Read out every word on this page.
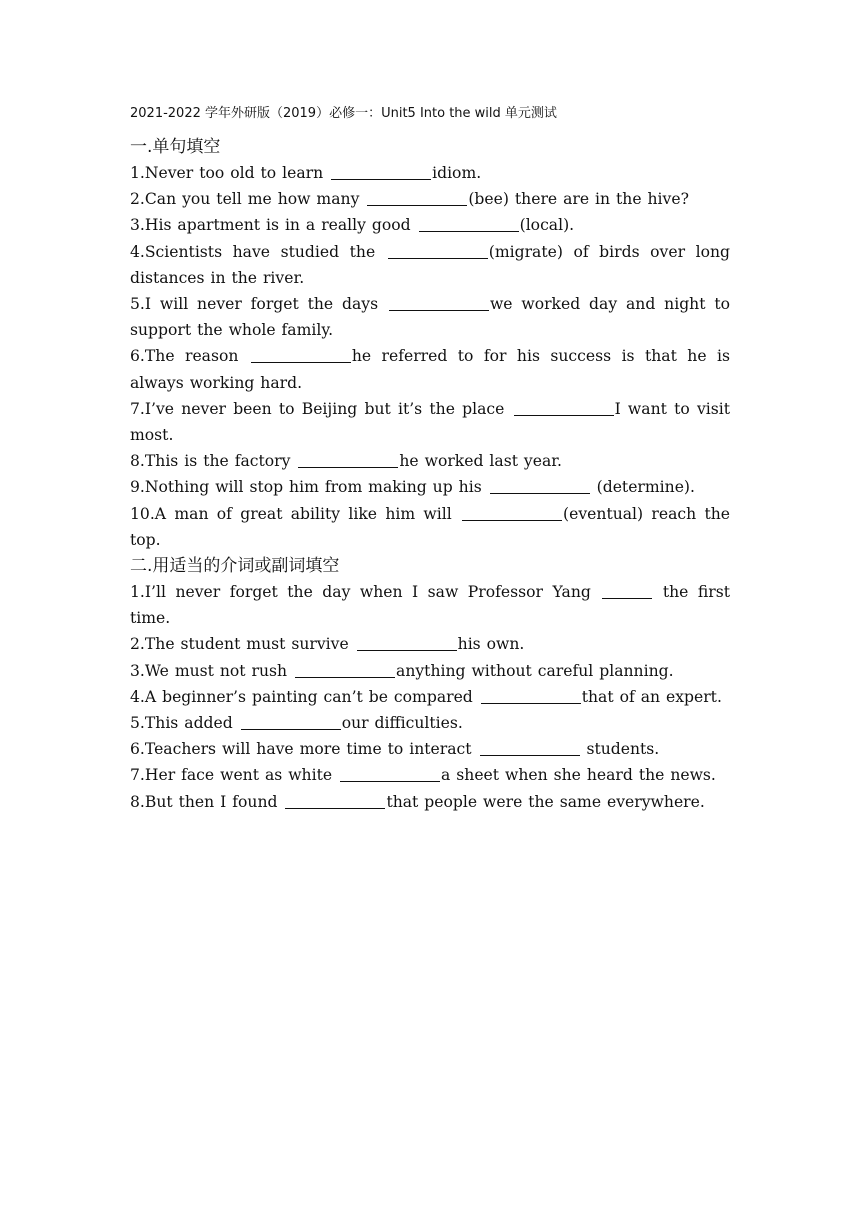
2021-2022 学年外研版（2019）必修一：Unit5 Into the wild 单元测试
一.单句填空

1.Never too old to learn	idiom.

2.Can you tell me how many	(bee) there are in the hive?

3.His apartment is in a really good	(local).

4.Scientists have studied the	(migrate) of birds over long distances in the river.

5.I will never forget the days	we worked day and night to support the whole family.

6.The reason	he referred to for his success is that he is always working hard.

7.I’ve never been to Beijing but it’s the place	I want to visit most.

8.This is the factory	he worked last year.

9.Nothing will stop him from making up his	(determine).

10.A man of great ability like him will	(eventual) reach the top.

二.用适当的介词或副词填空

1.I’ll never forget the day when I saw Professor Yang	the first time.

2.The student must survive	his own.

3.We must not rush	anything without careful planning.

4.A beginner’s painting can’t be compared	that of an expert.

5.This added	our difficulties.

6.Teachers will have more time to interact	students.

7.Her face went as white	a sheet when she heard the news.

8.But then I found	that people were the same everywhere.
